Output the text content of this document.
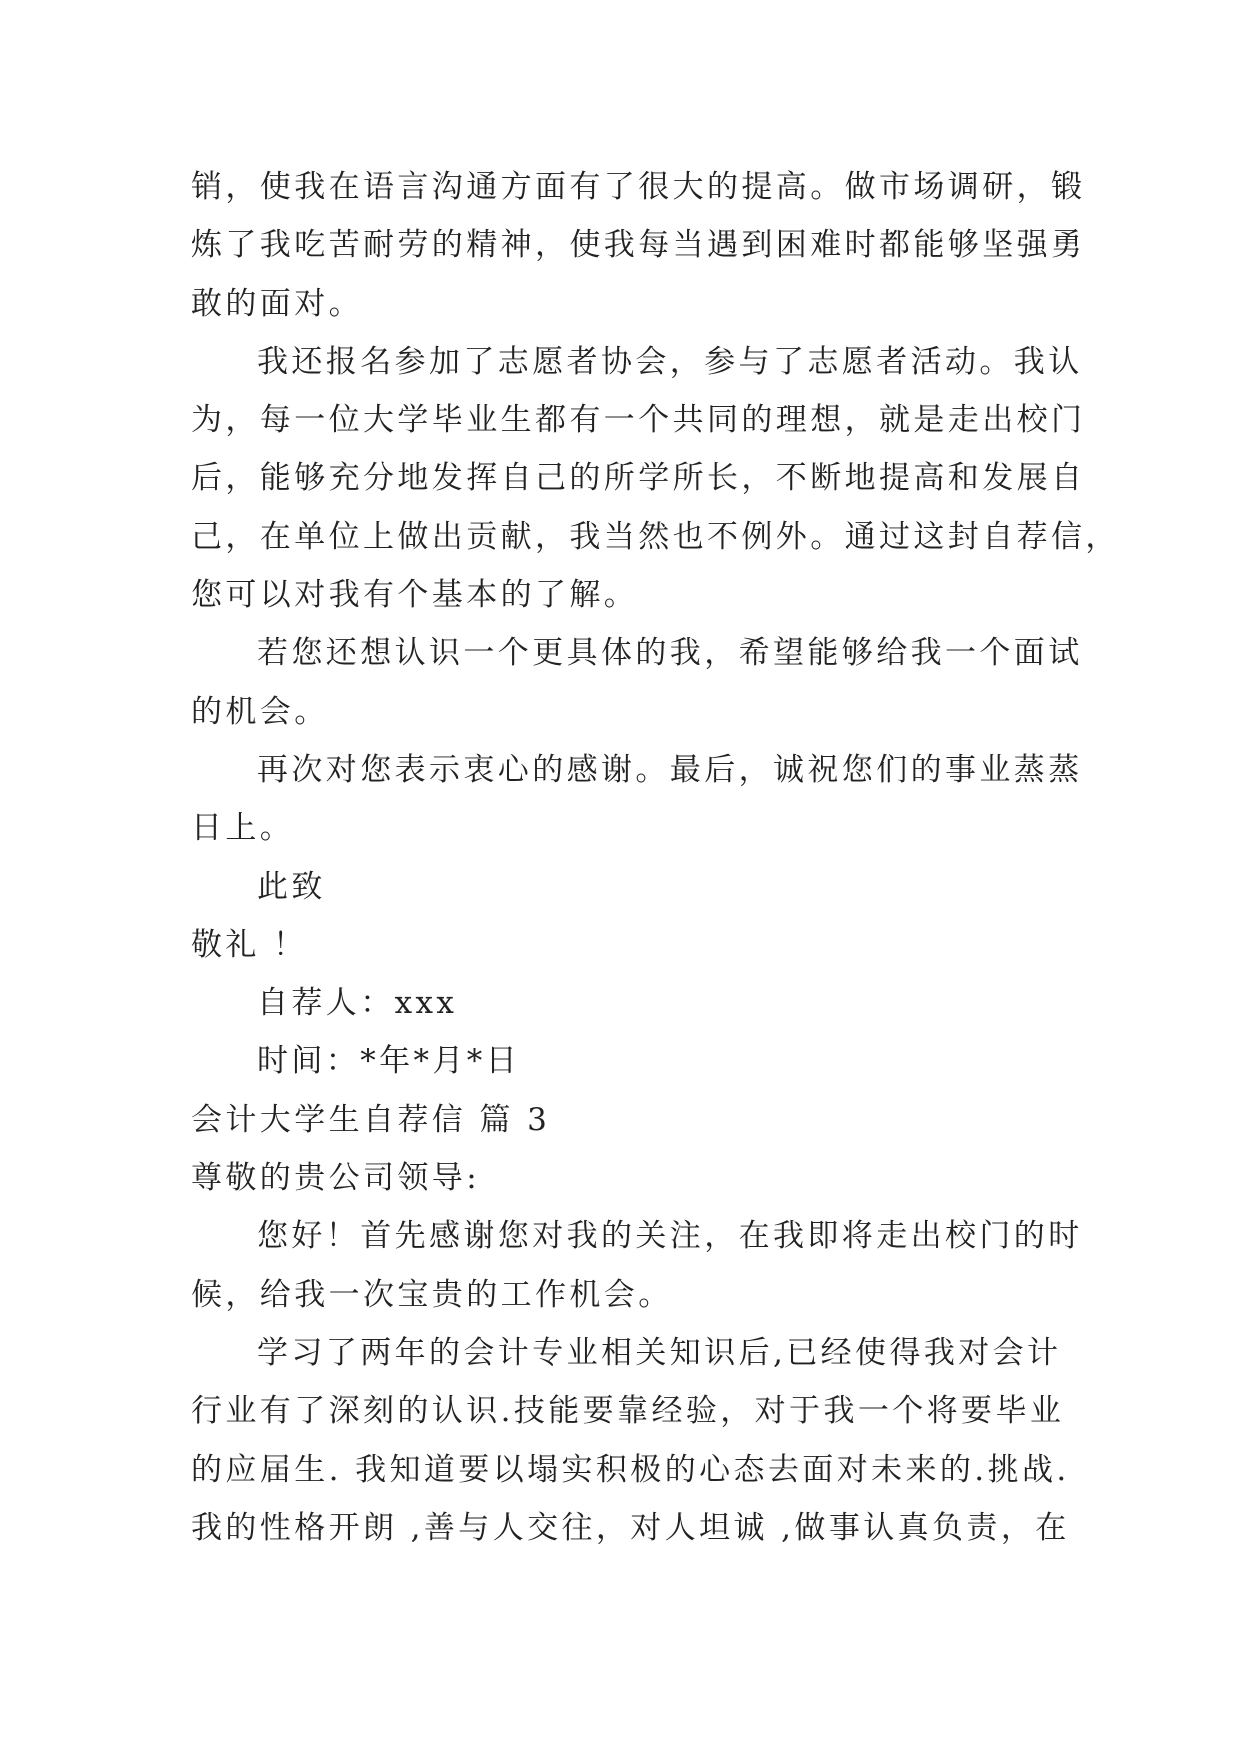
销，使我在语言沟通方面有了很大的提高。做市场调研，锻
炼了我吃苦耐劳的精神，使我每当遇到困难时都能够坚强勇
敢的面对。
我还报名参加了志愿者协会，参与了志愿者活动。我认
为，每一位大学毕业生都有一个共同的理想，就是走出校门
后，能够充分地发挥自己的所学所长，不断地提高和发展自
己，在单位上做出贡献，我当然也不例外。通过这封自荐信，
您可以对我有个基本的了解。
若您还想认识一个更具体的我，希望能够给我一个面试
的机会。
再次对您表示衷心的感谢。最后，诚祝您们的事业蒸蒸
日上。
此致
敬礼 ！
自荐人：xxx
时间：*年*月*日
会计大学生自荐信 篇 3
尊敬的贵公司领导:
您好！首先感谢您对我的关注，在我即将走出校门的时
候，给我一次宝贵的工作机会。
学习了两年的会计专业相关知识后,已经使得我对会计
行业有了深刻的认识.技能要靠经验，对于我一个将要毕业
的应届生. 我知道要以塌实积极的心态去面对未来的.挑战.
我的性格开朗 ,善与人交往，对人坦诚 ,做事认真负责，在
